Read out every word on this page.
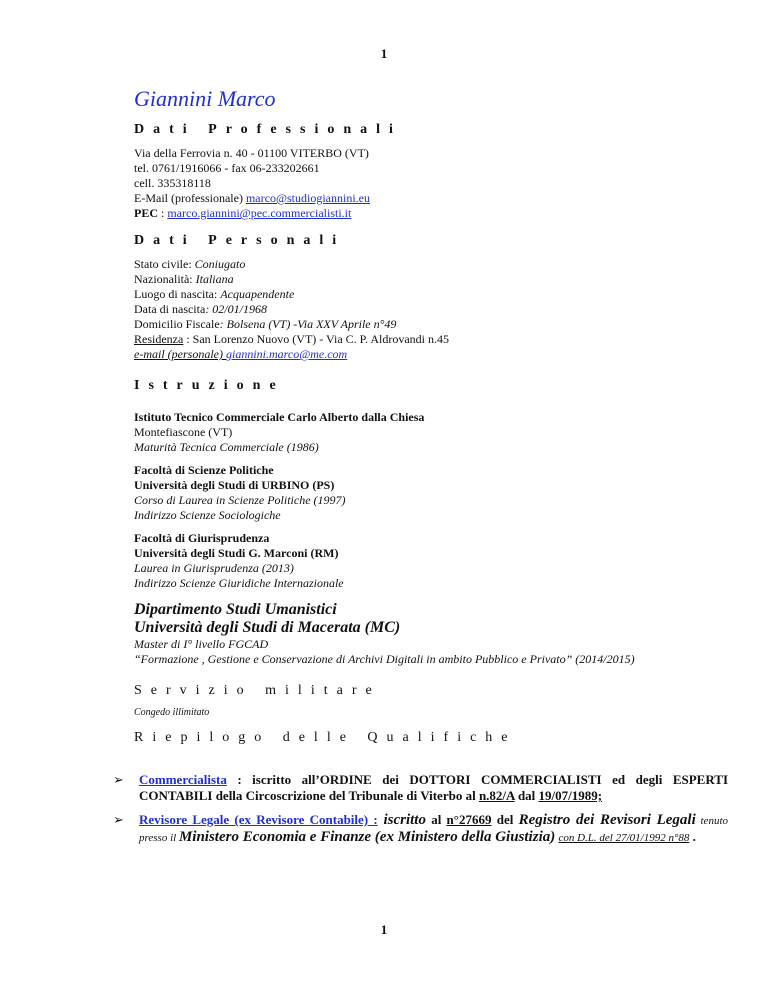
1
Giannini Marco
Dati Professionali
Via della Ferrovia n. 40 - 01100 VITERBO (VT)
tel. 0761/1916066 - fax 06-233202661
cell. 335318118
E-Mail (professionale) marco@studiogiannini.eu
PEC : marco.giannini@pec.commercialisti.it
Dati Personali
Stato civile: Coniugato
Nazionalità: Italiana
Luogo di nascita: Acquapendente
Data di nascita: 02/01/1968
Domicilio Fiscale: Bolsena (VT) -Via XXV Aprile n°49
Residenza : San Lorenzo Nuovo (VT) - Via C. P. Aldrovandi n.45
e-mail (personale) giannini.marco@me.com
Istruzione
Istituto Tecnico Commerciale Carlo Alberto dalla Chiesa
Montefiascone (VT)
Maturità Tecnica Commerciale (1986)
Facoltà di Scienze Politiche
Università degli Studi di URBINO (PS)
Corso di Laurea in Scienze Politiche (1997)
Indirizzo Scienze Sociologiche
Facoltà di Giurisprudenza
Università degli Studi G. Marconi (RM)
Laurea in Giurisprudenza (2013)
Indirizzo Scienze Giuridiche Internazionale
Dipartimento Studi Umanistici
Università degli Studi di Macerata (MC)
Master di I° livello FGCAD
“Formazione , Gestione e Conservazione di Archivi Digitali in ambito Pubblico e Privato” (2014/2015)
Servizio militare
Congedo illimitato
Riepilogo delle Qualifiche
➢ Commercialista : iscritto all’ORDINE dei DOTTORI COMMERCIALISTI ed degli ESPERTI CONTABILI della Circoscrizione del Tribunale di Viterbo al n.82/A dal 19/07/1989;
➢ Revisore Legale (ex Revisore Contabile) : iscritto al n°27669 del Registro dei Revisori Legali tenuto presso il Ministero Economia e Finanze (ex Ministero della Giustizia) con D.L. del 27/01/1992 n°88 .
1
